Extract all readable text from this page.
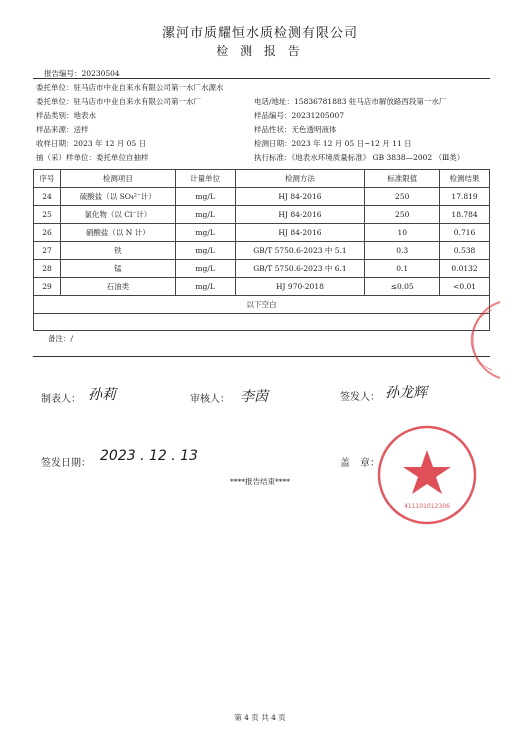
漯河市质耀恒水质检测有限公司
检 测 报 告
报告编号：20230504
委托单位：驻马店市中业自来水有限公司第一水厂水源水
委托单位：驻马店市中业自来水有限公司第一水厂
样品类别：地表水
样品来源：送样
收样日期：2023 年 12 月 05 日
抽（采）样单位：委托单位自抽样
电话/地址：15836781883 驻马店市解放路西段第一水厂
样品编号：20231205007
样品性状：无色透明液体
检测日期：2023 年 12 月 05 日~12 月 11 日
执行标准：《地表水环境质量标准》 GB 3838—2002 （Ⅲ类）
序号	检测项目	计量单位	检测方法	标准限值	检测结果
24	硫酸盐（以 SO₄²⁻计）	mg/L	HJ 84-2016	250	17.819
25	氯化物（以 Cl⁻计）	mg/L	HJ 84-2016	250	18.784
26	硝酸盐（以 N 计）	mg/L	HJ 84-2016	10	0.716
27	铁	mg/L	GB/T 5750.6-2023 中 5.1	0.3	0.538
28	锰	mg/L	GB/T 5750.6-2023 中 6.1	0.1	0.0132
29	石油类	mg/L	HJ 970-2018	≤0.05	<0.01
以下空白					

备注：/
制表人： 孙莉	审核人： 李茵	签发人： 孙龙辉
签发日期： 2023 . 12 . 13	盖　章：
411101012306
****报告结束****
第 4 页 共 4 页
